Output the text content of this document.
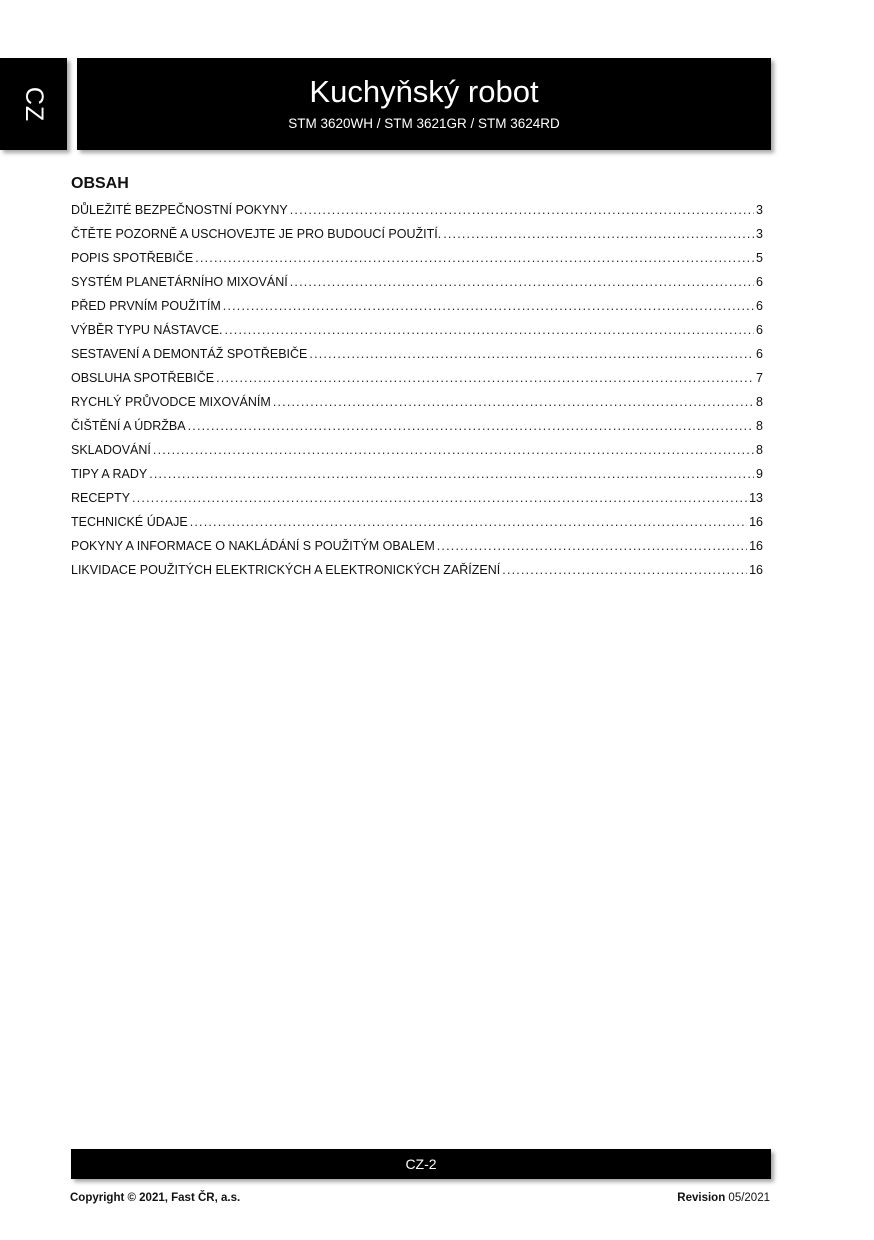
CZ	Kuchyňský robot
STM 3620WH / STM 3621GR / STM 3624RD
OBSAH
DŮLEŽITÉ BEZPEČNOSTNÍ POKYNY .....	3
ČTĚTE POZORNĚ A USCHOVEJTE JE PRO BUDOUCÍ POUŽITÍ. .....	3
POPIS SPOTŘEBIČE .....	5
SYSTÉM PLANETÁRNÍHO MIXOVÁNÍ .....	6
PŘED PRVNÍM POUŽITÍM .....	6
VÝBĚR TYPU NÁSTAVCE. .....	6
SESTAVENÍ A DEMONTÁŽ SPOTŘEBIČE .....	6
OBSLUHA SPOTŘEBIČE .....	7
RYCHLÝ PRŮVODCE MIXOVÁNÍM .....	8
ČIŠTĚNÍ A ÚDRŽBA .....	8
SKLADOVÁNÍ .....	8
TIPY A RADY .....	9
RECEPTY .....	13
TECHNICKÉ ÚDAJE .....	16
POKYNY A INFORMACE O NAKLÁDÁNÍ S POUŽITÝM OBALEM .....	16
LIKVIDACE POUŽITÝCH ELEKTRICKÝCH A ELEKTRONICKÝCH ZAŘÍZENÍ .....	16
CZ-2
Copyright © 2021, Fast ČR, a.s.	Revision 05/2021
